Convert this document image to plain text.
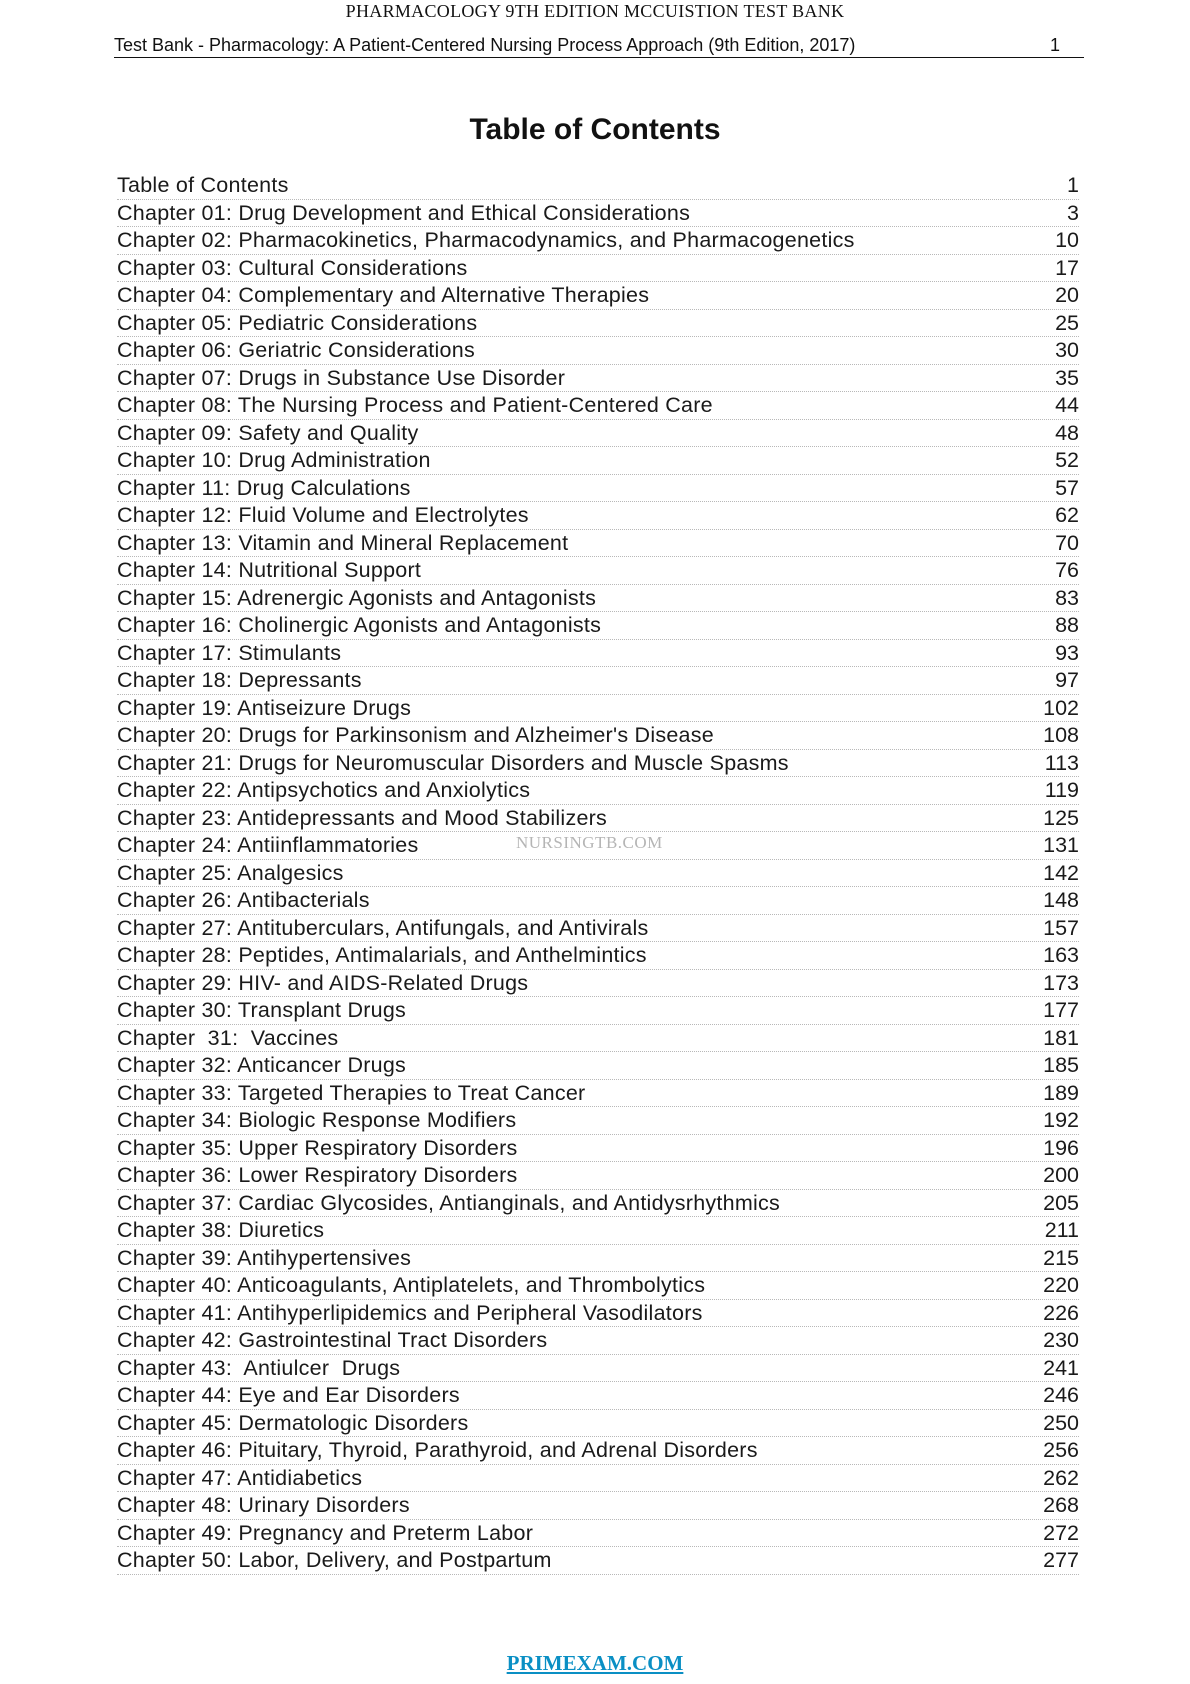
PHARMACOLOGY 9TH EDITION MCCUISTION TEST BANK
Test Bank - Pharmacology: A Patient-Centered Nursing Process Approach (9th Edition, 2017)	1
Table of Contents
Table of Contents	1
Chapter 01: Drug Development and Ethical Considerations	3
Chapter 02: Pharmacokinetics, Pharmacodynamics, and Pharmacogenetics	10
Chapter 03: Cultural Considerations	17
Chapter 04: Complementary and Alternative Therapies	20
Chapter 05: Pediatric Considerations	25
Chapter 06: Geriatric Considerations	30
Chapter 07: Drugs in Substance Use Disorder	35
Chapter 08: The Nursing Process and Patient-Centered Care	44
Chapter 09: Safety and Quality	48
Chapter 10: Drug Administration	52
Chapter 11: Drug Calculations	57
Chapter 12: Fluid Volume and Electrolytes	62
Chapter 13: Vitamin and Mineral Replacement	70
Chapter 14: Nutritional Support	76
Chapter 15: Adrenergic Agonists and Antagonists	83
Chapter 16: Cholinergic Agonists and Antagonists	88
Chapter 17: Stimulants	93
Chapter 18: Depressants	97
Chapter 19: Antiseizure Drugs	102
Chapter 20: Drugs for Parkinsonism and Alzheimer's Disease	108
Chapter 21: Drugs for Neuromuscular Disorders and Muscle Spasms	113
Chapter 22: Antipsychotics and Anxiolytics	119
Chapter 23: Antidepressants and Mood Stabilizers	125
Chapter 24: Antiinflammatories	131
Chapter 25: Analgesics	142
Chapter 26: Antibacterials	148
Chapter 27: Antituberculars, Antifungals, and Antivirals	157
Chapter 28: Peptides, Antimalarials, and Anthelmintics	163
Chapter 29: HIV- and AIDS-Related Drugs	173
Chapter 30: Transplant Drugs	177
Chapter  31:  Vaccines	181
Chapter 32: Anticancer Drugs	185
Chapter 33: Targeted Therapies to Treat Cancer	189
Chapter 34: Biologic Response Modifiers	192
Chapter 35: Upper Respiratory Disorders	196
Chapter 36: Lower Respiratory Disorders	200
Chapter 37: Cardiac Glycosides, Antianginals, and Antidysrhythmics	205
Chapter 38: Diuretics	211
Chapter 39: Antihypertensives	215
Chapter 40: Anticoagulants, Antiplatelets, and Thrombolytics	220
Chapter 41: Antihyperlipidemics and Peripheral Vasodilators	226
Chapter 42: Gastrointestinal Tract Disorders	230
Chapter 43:  Antiulcer  Drugs	241
Chapter 44: Eye and Ear Disorders	246
Chapter 45: Dermatologic Disorders	250
Chapter 46: Pituitary, Thyroid, Parathyroid, and Adrenal Disorders	256
Chapter 47: Antidiabetics	262
Chapter 48: Urinary Disorders	268
Chapter 49: Pregnancy and Preterm Labor	272
Chapter 50: Labor, Delivery, and Postpartum	277
NURSINGTB.COM
PRIMEXAM.COM
